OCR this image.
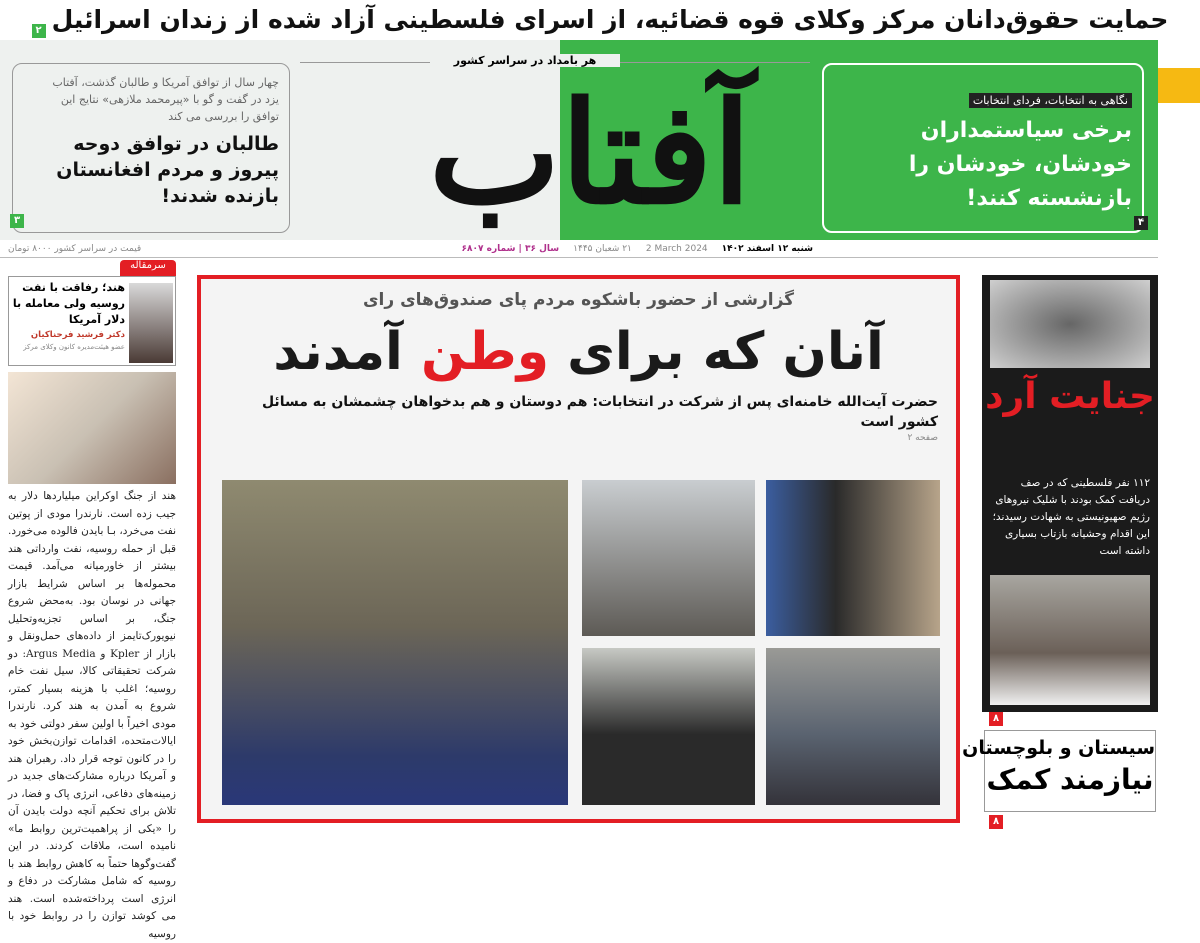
حمایت حقوق‌دانان مرکز وکلای قوه قضائیه، از اسرای فلسطینی آزاد شده از زندان اسرائیل
۲
هر بامداد در سراسر کشور
آفتاب
چهار سال از توافق آمریکا و طالبان گذشت، آفتاب یزد در گفت و گو با «پیرمحمد ملازهی» نتایج این توافق را بررسی می کند
طالبان در توافق دوحه پیروز و مردم افغانستان بازنده شدند!
۳
نگاهی به انتخابات، فردای انتخابات
برخی سیاستمداران خودشان، خودشان را بازنشسته کنند!
۴
شنبه ۱۲ اسفند ۱۴۰۲
2 March 2024
۲۱ شعبان ۱۴۴۵
سال ۳۶ | شماره ۶۸۰۷
قیمت در سراسر کشور ۸۰۰۰ تومان
سرمقاله
هند؛ رفاقت با نفت روسیه ولی معامله با دلار آمریکا
دکتر فرشید فرحناکیان
عضو هیئت‌مدیره کانون وکلای مرکز

هند از جنگ اوکراین میلیاردها دلار به جیب زده است. نارندرا مودی از پوتین نفت می‌خرد، بـا بایدن فالوده می‌خورد. قبل از حمله روسیه، نفت وارداتی هند بیشتر از خاورمیانه می‌آمد. قیمت محموله‌ها بر اساس شرایط بازار جهانی در نوسان بود. به‌محض شروع جنگ، بر اساس تجزیه‌وتحلیل نیویورک‌تایمز از داده‌های حمل‌ونقل و بازار از Kpler و Argus Media: دو شرکت تحقیقاتی کالا، سیل نفت خام روسیه؛ اغلب با هزینه بسیار کمتر، شروع به آمدن به هند کرد. نارندرا مودی اخیراً با اولین سفر دولتی خود به ایالات‌متحده، اقدامات توازن‌بخش خود را در کانون توجه قرار داد. رهبران هند و آمریکا درباره مشارکت‌های جدید در زمینه‌های دفاعی، انرژی پاک و فضا، در تلاش برای تحکیم آنچه دولت بایدن آن را «یکی از پراهمیت‌ترین روابط ما» نامیده است، ملاقات کردند. در این گفت‌وگوها حتماً به کاهش روابط هند با روسیه که شامل مشارکت در دفاع و انرژی است پرداخته‌شده است. هند می کوشد توازن را در روابط خود با روسیه

گزارشی از حضور باشکوه مردم پای صندوق‌های رای
آنان که برای وطن آمدند
حضرت آیت‌الله خامنه‌ای پس از شرکت در انتخابات: هم دوستان و هم بدخواهان چشمشان به مسائل کشور است
صفحه ۲
جنایت آرد
۱۱۲ نفر فلسطینی که در صف دریافت کمک بودند با شلیک نیروهای رژیم صهیونیستی به شهادت رسیدند؛ این اقدام وحشیانه بازتاب بسیاری داشته است
۸
سیستان و بلوچستان
نیازمند کمک
۸
